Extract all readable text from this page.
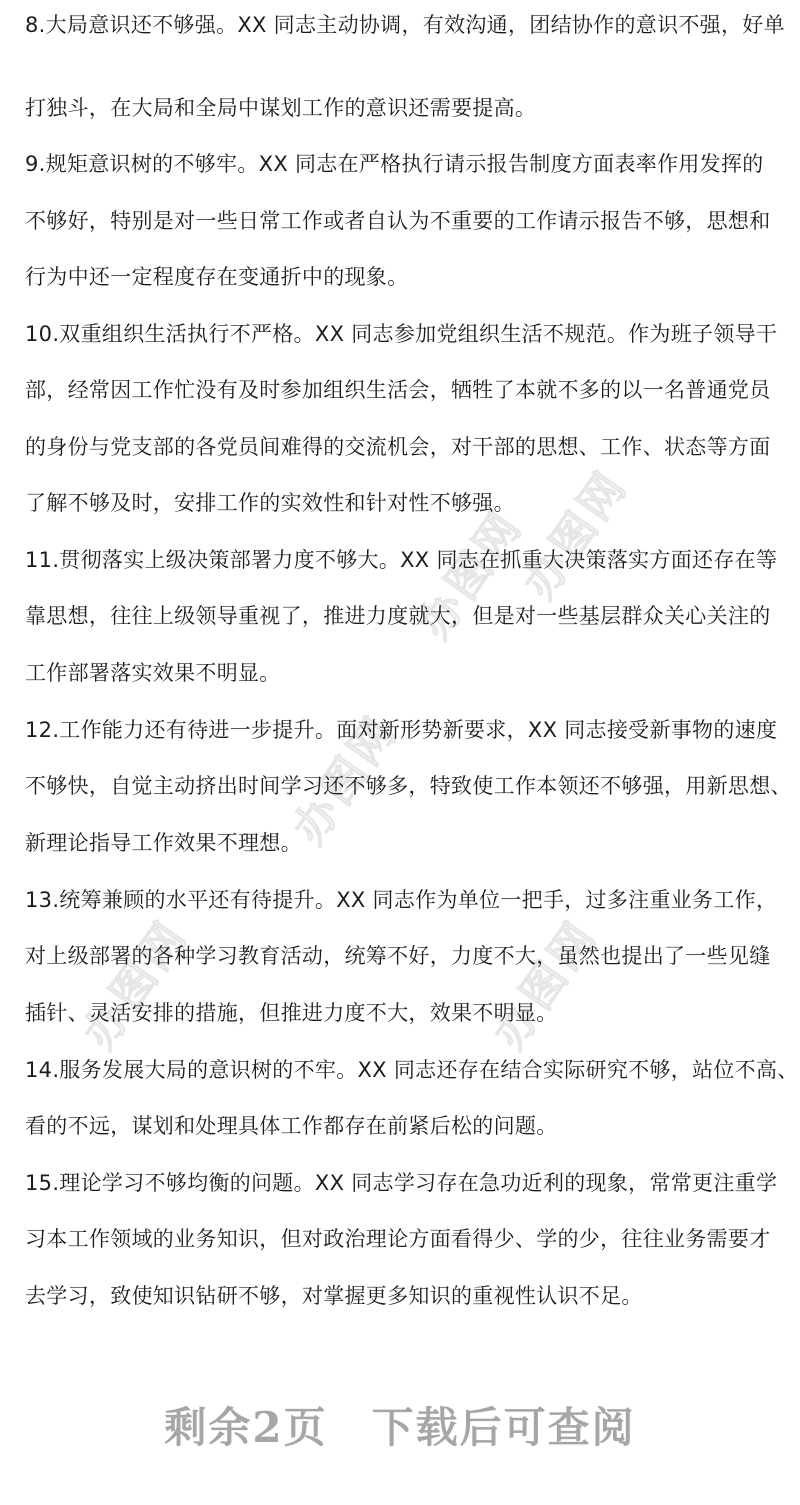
办图网
办图网
办图网
办图网	办图网
8.大局意识还不够强。XX 同志主动协调，有效沟通，团结协作的意识不强，好单
打独斗，在大局和全局中谋划工作的意识还需要提高。
9.规矩意识树的不够牢。XX 同志在严格执行请示报告制度方面表率作用发挥的
不够好，特别是对一些日常工作或者自认为不重要的工作请示报告不够，思想和
行为中还一定程度存在变通折中的现象。
10.双重组织生活执行不严格。XX 同志参加党组织生活不规范。作为班子领导干
部，经常因工作忙没有及时参加组织生活会，牺牲了本就不多的以一名普通党员
的身份与党支部的各党员间难得的交流机会，对干部的思想、工作、状态等方面
了解不够及时，安排工作的实效性和针对性不够强。
11.贯彻落实上级决策部署力度不够大。XX 同志在抓重大决策落实方面还存在等
靠思想，往往上级领导重视了，推进力度就大，但是对一些基层群众关心关注的
工作部署落实效果不明显。
12.工作能力还有待进一步提升。面对新形势新要求，XX 同志接受新事物的速度
不够快，自觉主动挤出时间学习还不够多，特致使工作本领还不够强，用新思想、
新理论指导工作效果不理想。
13.统筹兼顾的水平还有待提升。XX 同志作为单位一把手，过多注重业务工作，
对上级部署的各种学习教育活动，统筹不好，力度不大，虽然也提出了一些见缝
插针、灵活安排的措施，但推进力度不大，效果不明显。
14.服务发展大局的意识树的不牢。XX 同志还存在结合实际研究不够，站位不高、
看的不远，谋划和处理具体工作都存在前紧后松的问题。
15.理论学习不够均衡的问题。XX 同志学习存在急功近利的现象，常常更注重学
习本工作领域的业务知识，但对政治理论方面看得少、学的少，往往业务需要才
去学习，致使知识钻研不够，对掌握更多知识的重视性认识不足。
剩余2页 下载后可查阅
